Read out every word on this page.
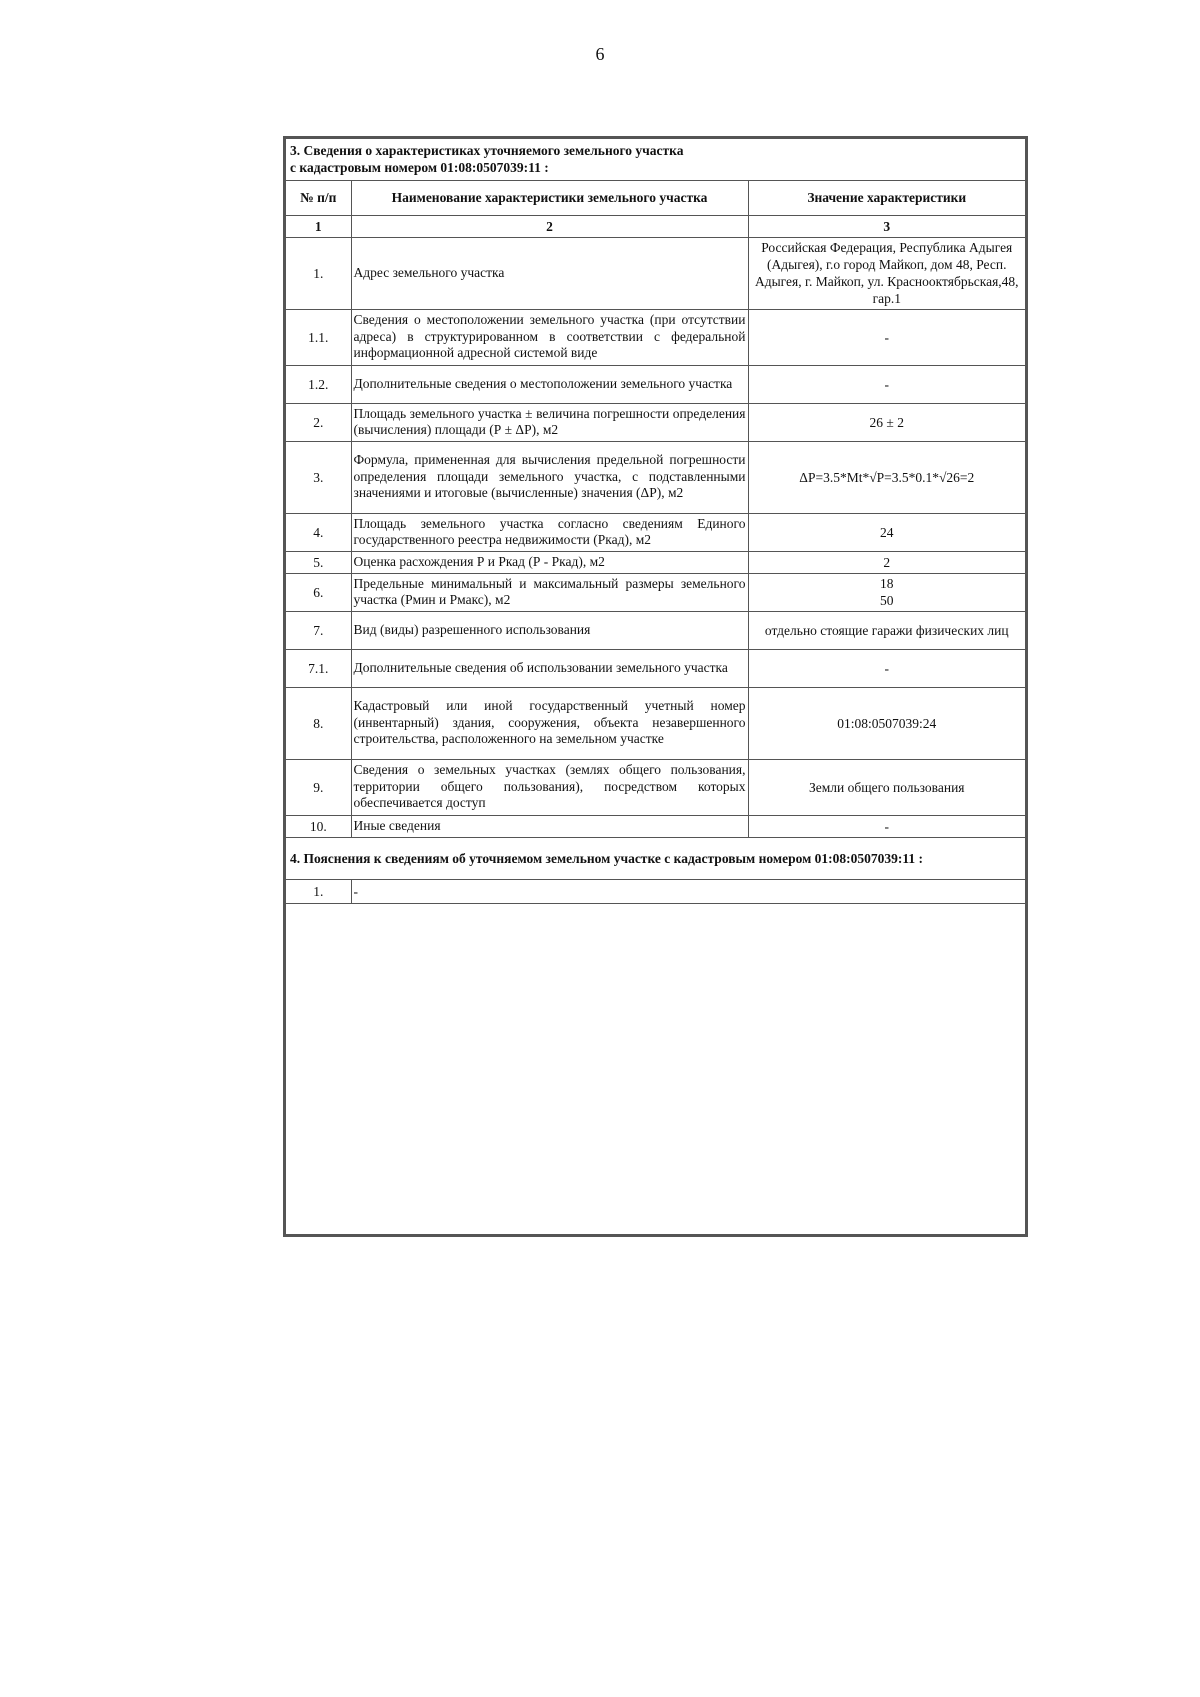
6
3. Сведения о характеристиках уточняемого земельного участка
с кадастровым номером 01:08:0507039:11 :		

№ п/п	Наименование характеристики земельного участка	Значение характеристики
1	2	3
1.	Адрес земельного участка	Российская Федерация, Республика Адыгея (Адыгея), г.о город Майкоп, дом 48, Респ. Адыгея, г. Майкоп, ул. Краснооктябрьская,48, гар.1
1.1.	Сведения о местоположении земельного участка (при отсутствии адреса) в структурированном в соответствии с федеральной информационной адресной системой виде	-
1.2.	Дополнительные сведения о местоположении земельного участка	-
2.	Площадь земельного участка ± величина погрешности определения (вычисления) площади (Р ± ΔР), м2	26 ± 2
3.	Формула, примененная для вычисления предельной погрешности определения площади земельного участка, с подставленными значениями и итоговые (вычисленные) значения (ΔР), м2	ΔР=3.5*Mt*√Р=3.5*0.1*√26=2
4.	Площадь земельного участка согласно сведениям Единого государственного реестра недвижимости (Ркад), м2	24
5.	Оценка расхождения Р и Ркад (Р - Ркад), м2	2
6.	Предельные минимальный и максимальный размеры земельного участка (Рмин и Рмакс), м2	18
50

7.	Вид (виды) разрешенного использования	отдельно стоящие гаражи физических лиц
7.1.	Дополнительные сведения об использовании земельного участка	-
8.	Кадастровый или иной государственный учетный номер (инвентарный) здания, сооружения, объекта незавершенного строительства, расположенного на земельном участке	01:08:0507039:24
9.	Сведения о земельных участках (землях общего пользования, территории общего пользования), посредством которых обеспечивается доступ	Земли общего пользования
10.	Иные сведения	-
4. Пояснения к сведениям об уточняемом земельном участке с кадастровым номером 01:08:0507039:11 :		
1.	-	
